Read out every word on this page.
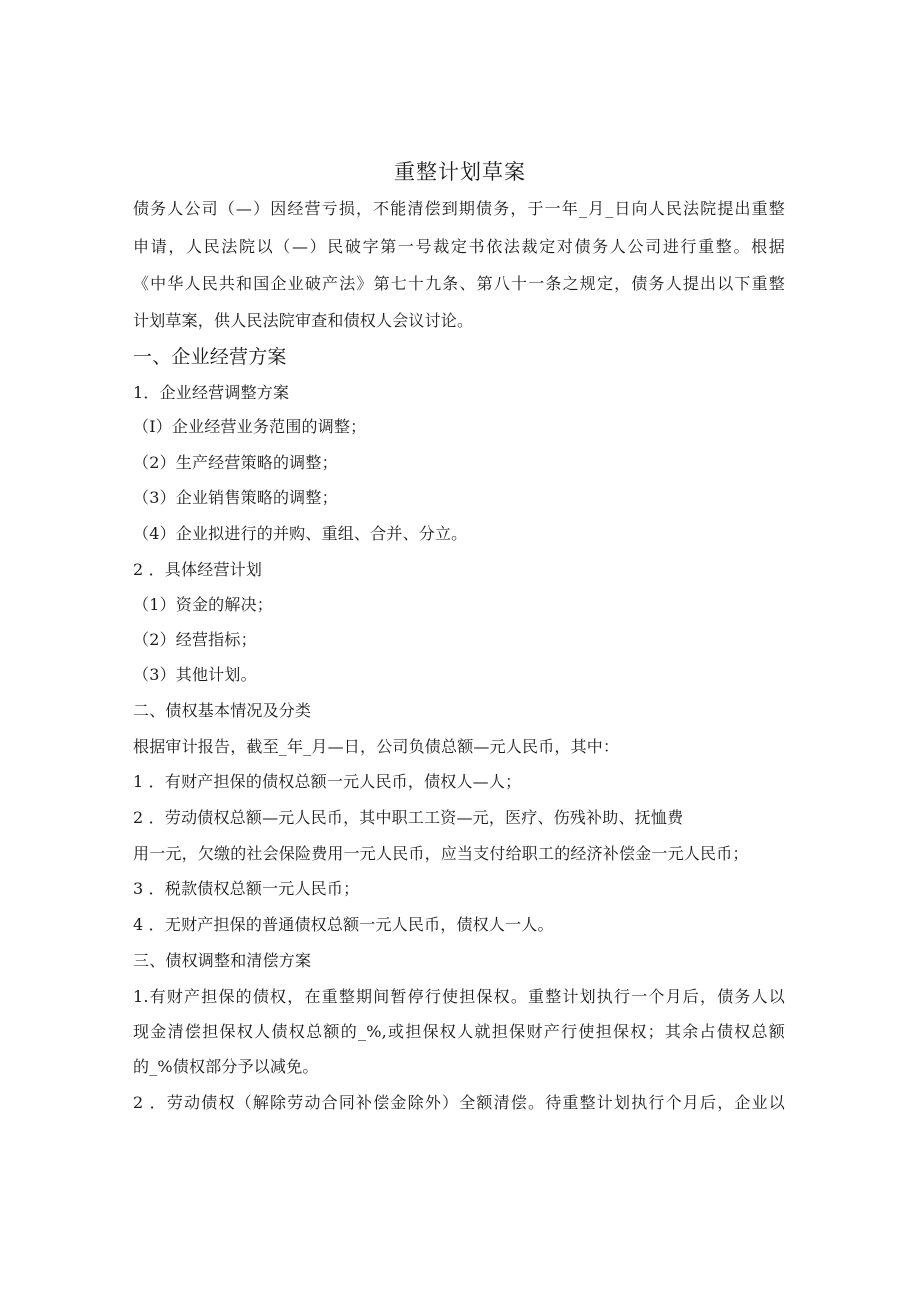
重整计划草案
债务人公司（—）因经营亏损，不能清偿到期债务，于一年_月_日向人民法院提出重整
申请，人民法院以（—）民破字第一号裁定书依法裁定对债务人公司进行重整。根据
《中华人民共和国企业破产法》第七十九条、第八十一条之规定，债务人提出以下重整
计划草案，供人民法院审查和债权人会议讨论。
一、企业经营方案
1．企业经营调整方案
（I）企业经营业务范围的调整；
（2）生产经营策略的调整；
（3）企业销售策略的调整；
（4）企业拟进行的并购、重组、合并、分立。
2 ．具体经营计划
（1）资金的解决；
（2）经营指标；
（3）其他计划。
二、债权基本情况及分类
根据审计报告，截至_年_月—日，公司负债总额—元人民币，其中：
1 ．有财产担保的债权总额一元人民币，债权人—人；
2 ．劳动债权总额—元人民币，其中职工工资—元，医疗、伤残补助、抚恤费
用一元，欠缴的社会保险费用一元人民币，应当支付给职工的经济补偿金一元人民币；
3 ．税款债权总额一元人民币；
4 ．无财产担保的普通债权总额一元人民币，债权人一人。
三、债权调整和清偿方案
1.有财产担保的债权，在重整期间暂停行使担保权。重整计划执行一个月后，债务人以
现金清偿担保权人债权总额的_%,或担保权人就担保财产行使担保权；其余占债权总额
的_%债权部分予以减免。
2 ．劳动债权（解除劳动合同补偿金除外）全额清偿。待重整计划执行个月后，企业以
